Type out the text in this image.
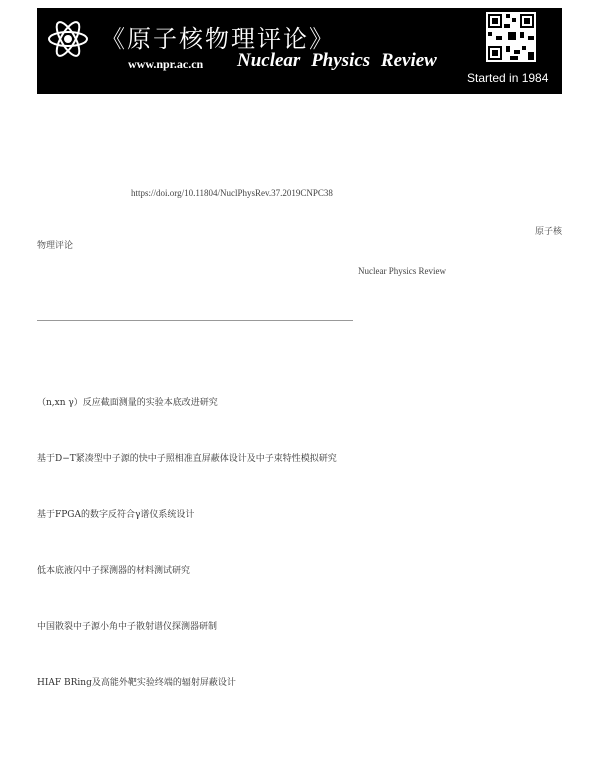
《原子核物理评论》
www.npr.ac.cn Nuclear Physics Review
Started in 1984
https://doi.org/10.11804/NuclPhysRev.37.2019CNPC38
原子核
物理评论
Nuclear Physics Review
（n,xn γ）反应截面测量的实验本底改进研究
基于D−T紧凑型中子源的快中子照相准直屏蔽体设计及中子束特性模拟研究
基于FPGA的数字反符合γ谱仪系统设计
低本底液闪中子探测器的材料测试研究
中国散裂中子源小角中子散射谱仪探测器研制
HIAF BRing及高能外靶实验终端的辐射屏蔽设计
